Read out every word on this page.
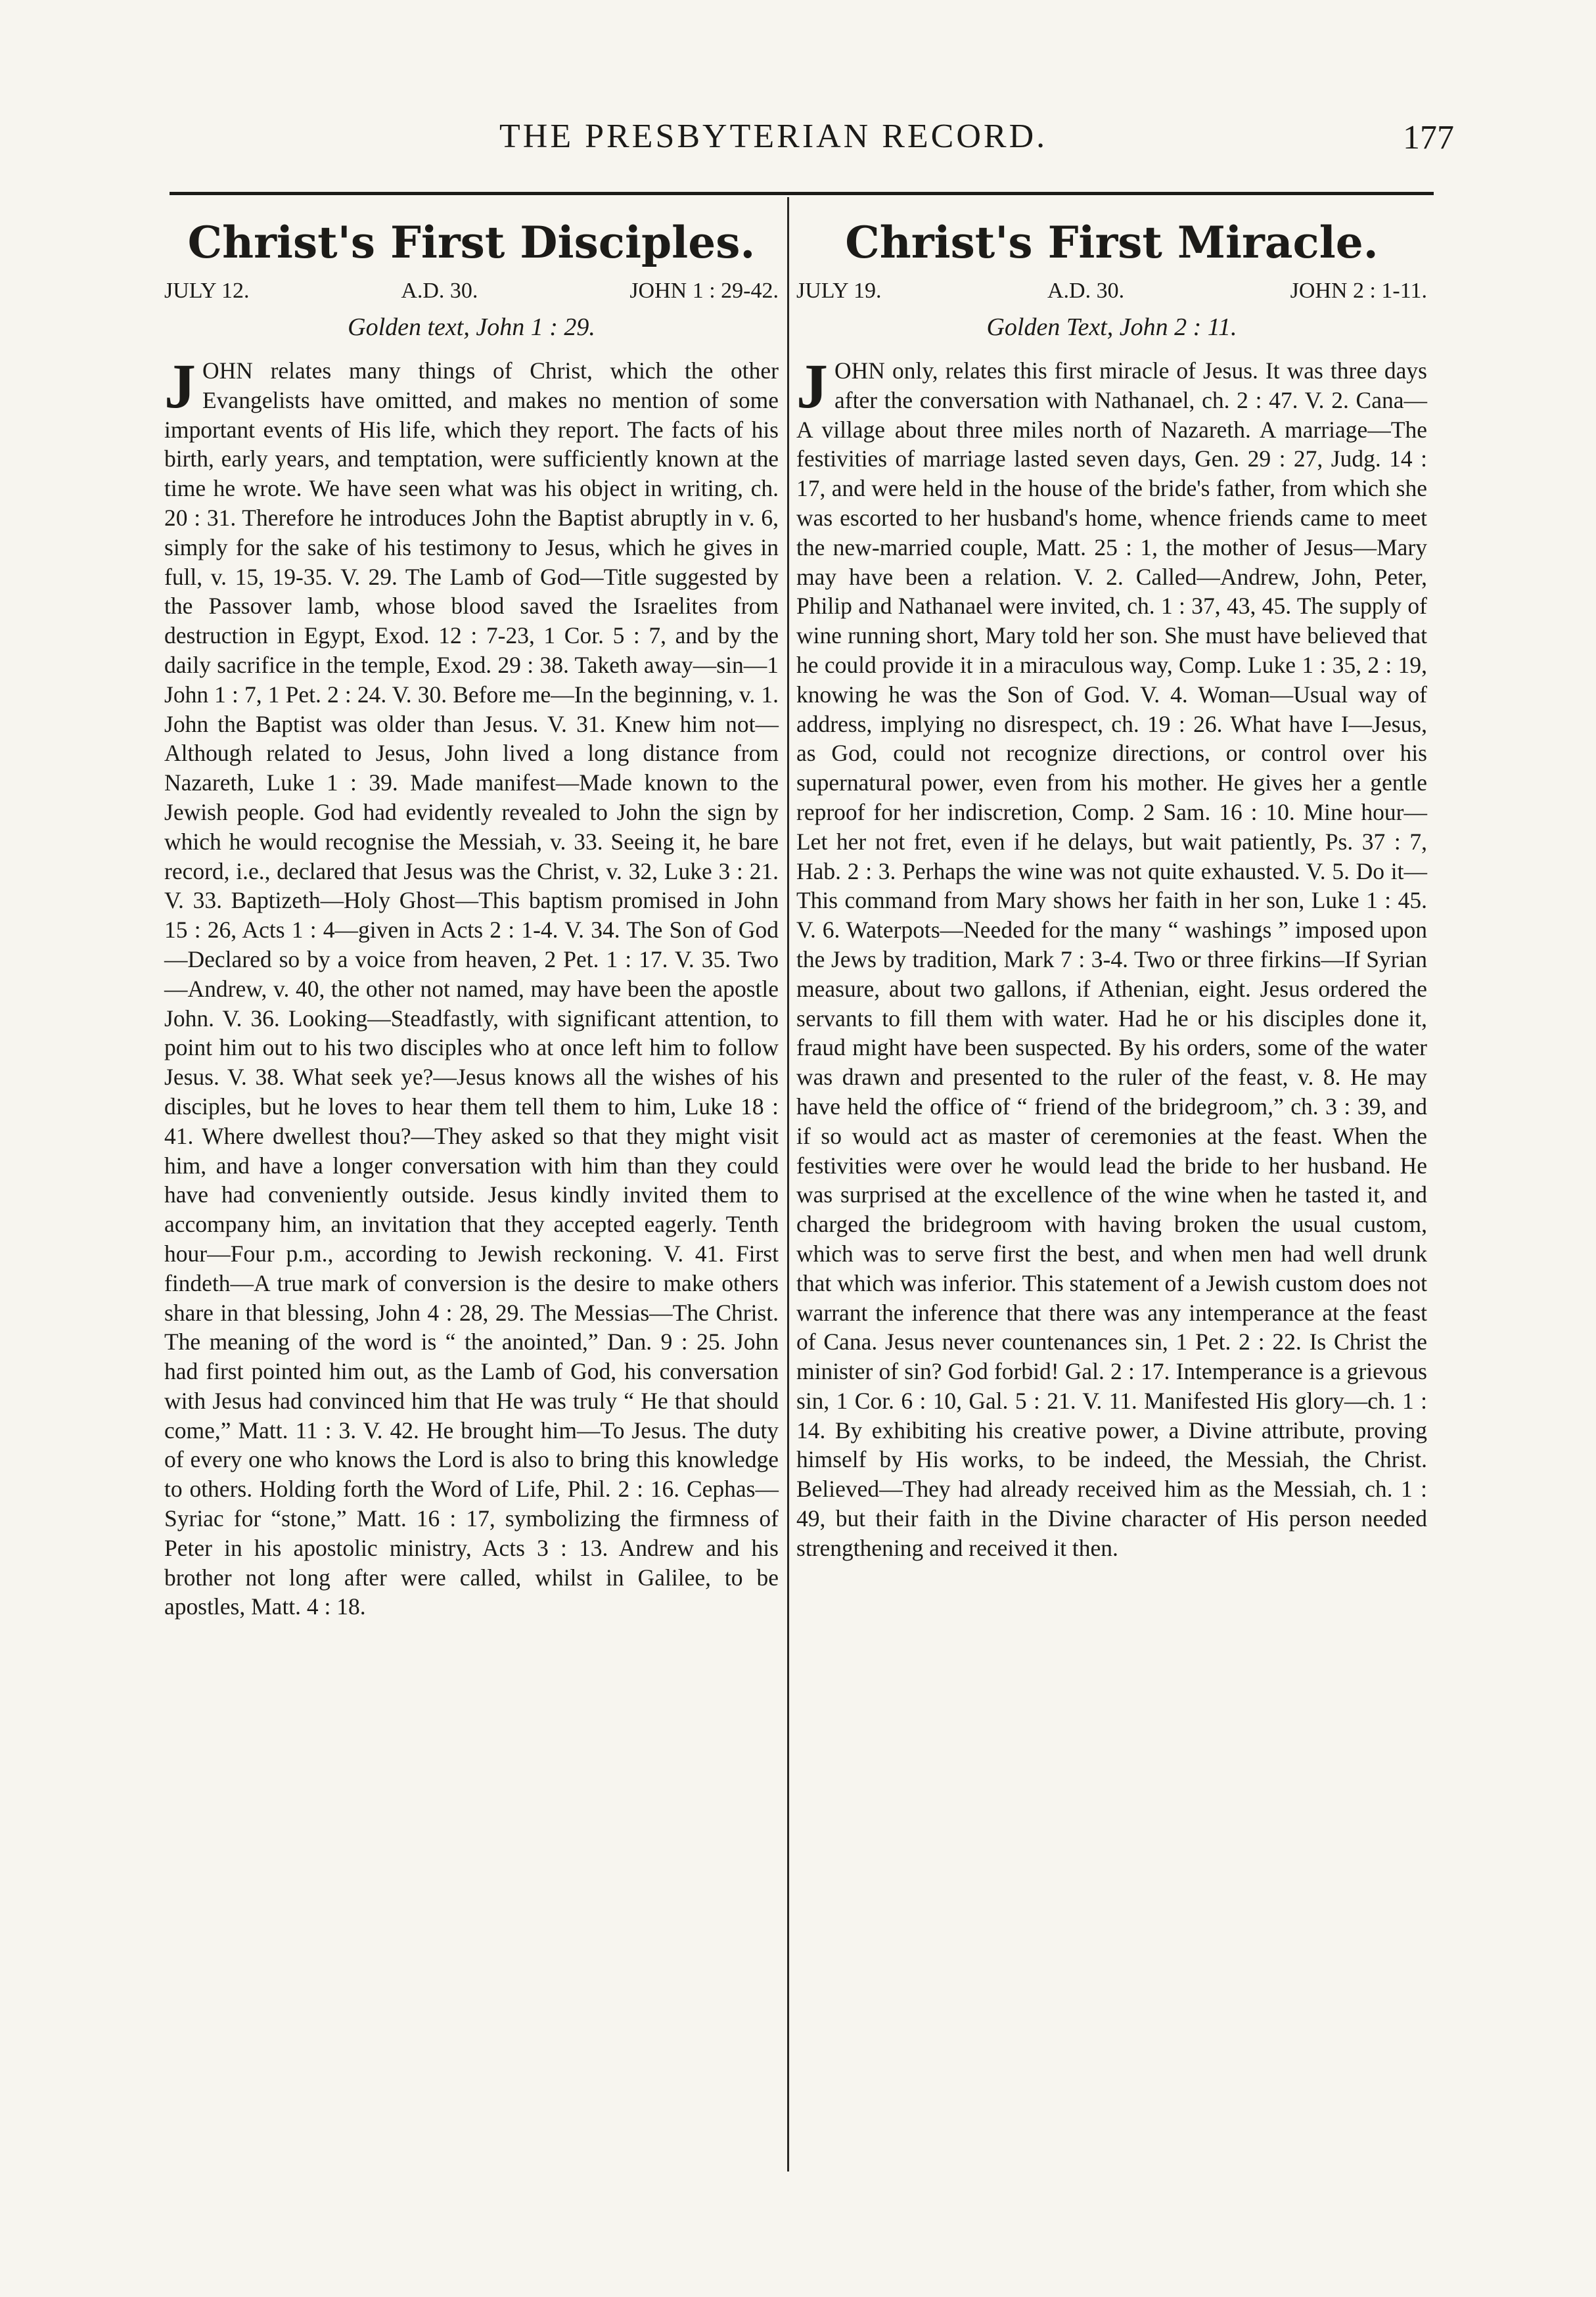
THE PRESBYTERIAN RECORD.	177
Christ's First Disciples.
JULY 12.	A.D. 30.	JOHN 1 : 29-42.
Golden text, John 1 : 29.

JOHN relates many things of Christ, which the other Evangelists have omitted, and makes no mention of some important events of His life, which they report. The facts of his birth, early years, and temptation, were sufficiently known at the time he wrote. We have seen what was his object in writing, ch. 20 : 31. Therefore he introduces John the Baptist abruptly in v. 6, simply for the sake of his testimony to Jesus, which he gives in full, v. 15, 19-35. V. 29. The Lamb of God—Title suggested by the Passover lamb, whose blood saved the Israelites from destruction in Egypt, Exod. 12 : 7-23, 1 Cor. 5 : 7, and by the daily sacrifice in the temple, Exod. 29 : 38. Taketh away—sin—1 John 1 : 7, 1 Pet. 2 : 24. V. 30. Before me—In the beginning, v. 1. John the Baptist was older than Jesus. V. 31. Knew him not—Although related to Jesus, John lived a long distance from Nazareth, Luke 1 : 39. Made manifest—Made known to the Jewish people. God had evidently revealed to John the sign by which he would recognise the Messiah, v. 33. Seeing it, he bare record, i.e., declared that Jesus was the Christ, v. 32, Luke 3 : 21. V. 33. Baptizeth—Holy Ghost—This baptism promised in John 15 : 26, Acts 1 : 4—given in Acts 2 : 1-4. V. 34. The Son of God—Declared so by a voice from heaven, 2 Pet. 1 : 17. V. 35. Two—Andrew, v. 40, the other not named, may have been the apostle John. V. 36. Looking—Steadfastly, with significant attention, to point him out to his two disciples who at once left him to follow Jesus. V. 38. What seek ye?—Jesus knows all the wishes of his disciples, but he loves to hear them tell them to him, Luke 18 : 41. Where dwellest thou?—They asked so that they might visit him, and have a longer conversation with him than they could have had conveniently outside. Jesus kindly invited them to accompany him, an invitation that they accepted eagerly. Tenth hour—Four p.m., according to Jewish reckoning. V. 41. First findeth—A true mark of conversion is the desire to make others share in that blessing, John 4 : 28, 29. The Messias—The Christ. The meaning of the word is “ the anointed,” Dan. 9 : 25. John had first pointed him out, as the Lamb of God, his conversation with Jesus had convinced him that He was truly “ He that should come,” Matt. 11 : 3. V. 42. He brought him—To Jesus. The duty of every one who knows the Lord is also to bring this knowledge to others. Holding forth the Word of Life, Phil. 2 : 16. Cephas—Syriac for “stone,” Matt. 16 : 17, symbolizing the firmness of Peter in his apostolic ministry, Acts 3 : 13. Andrew and his brother not long after were called, whilst in Galilee, to be apostles, Matt. 4 : 18.

Christ's First Miracle.
JULY 19.	A.D. 30.	JOHN 2 : 1-11.
Golden Text, John 2 : 11.

JOHN only, relates this first miracle of Jesus. It was three days after the conversation with Nathanael, ch. 2 : 47. V. 2. Cana—A village about three miles north of Nazareth. A marriage—The festivities of marriage lasted seven days, Gen. 29 : 27, Judg. 14 : 17, and were held in the house of the bride's father, from which she was escorted to her husband's home, whence friends came to meet the new-married couple, Matt. 25 : 1, the mother of Jesus—Mary may have been a relation. V. 2. Called—Andrew, John, Peter, Philip and Nathanael were invited, ch. 1 : 37, 43, 45. The supply of wine running short, Mary told her son. She must have believed that he could provide it in a miraculous way, Comp. Luke 1 : 35, 2 : 19, knowing he was the Son of God. V. 4. Woman—Usual way of address, implying no disrespect, ch. 19 : 26. What have I—Jesus, as God, could not recognize directions, or control over his supernatural power, even from his mother. He gives her a gentle reproof for her indiscretion, Comp. 2 Sam. 16 : 10. Mine hour—Let her not fret, even if he delays, but wait patiently, Ps. 37 : 7, Hab. 2 : 3. Perhaps the wine was not quite exhausted. V. 5. Do it—This command from Mary shows her faith in her son, Luke 1 : 45. V. 6. Waterpots—Needed for the many “ washings ” imposed upon the Jews by tradition, Mark 7 : 3-4. Two or three firkins—If Syrian measure, about two gallons, if Athenian, eight. Jesus ordered the servants to fill them with water. Had he or his disciples done it, fraud might have been suspected. By his orders, some of the water was drawn and presented to the ruler of the feast, v. 8. He may have held the office of “ friend of the bridegroom,” ch. 3 : 39, and if so would act as master of ceremonies at the feast. When the festivities were over he would lead the bride to her husband. He was surprised at the excellence of the wine when he tasted it, and charged the bridegroom with having broken the usual custom, which was to serve first the best, and when men had well drunk that which was inferior. This statement of a Jewish custom does not warrant the inference that there was any intemperance at the feast of Cana. Jesus never countenances sin, 1 Pet. 2 : 22. Is Christ the minister of sin? God forbid! Gal. 2 : 17. Intemperance is a grievous sin, 1 Cor. 6 : 10, Gal. 5 : 21. V. 11. Manifested His glory—ch. 1 : 14. By exhibiting his creative power, a Divine attribute, proving himself by His works, to be indeed, the Messiah, the Christ. Believed—They had already received him as the Messiah, ch. 1 : 49, but their faith in the Divine character of His person needed strengthening and received it then.
